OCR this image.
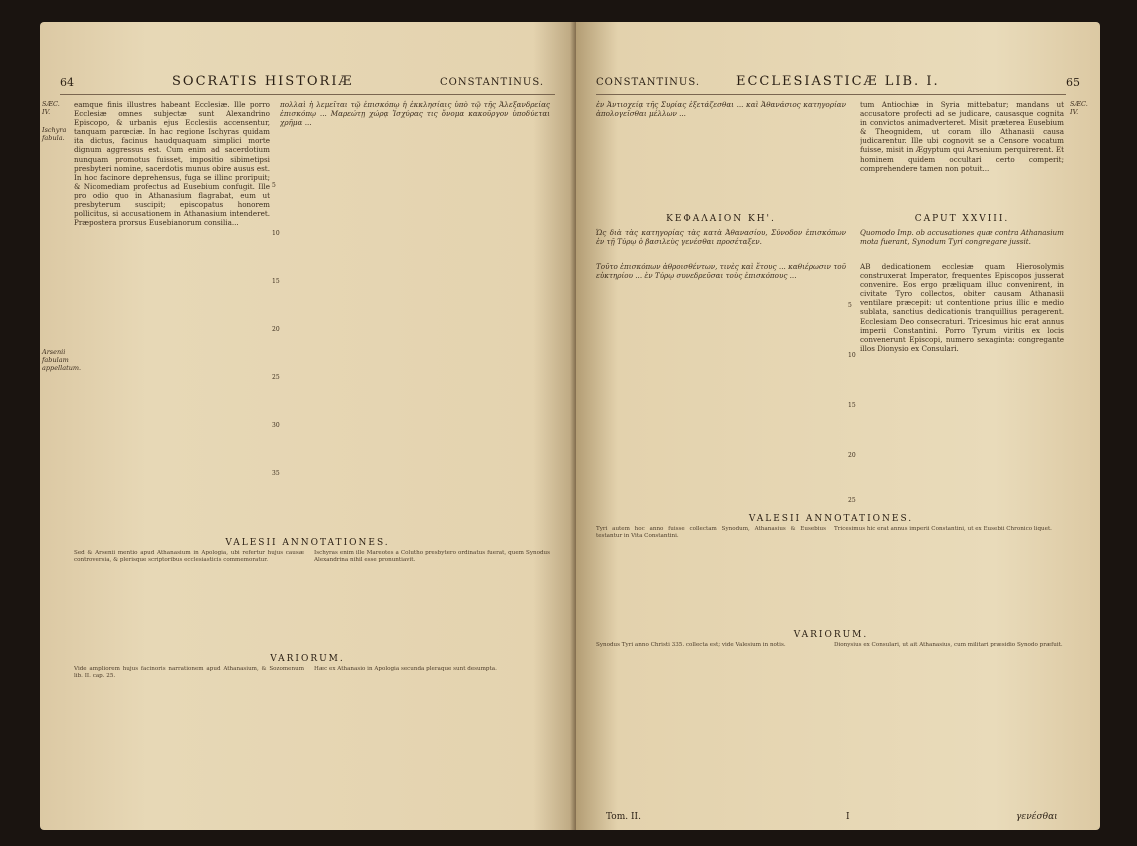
64	SOCRATIS HISTORIÆ	CONSTANTINUS.
SÆC. IV.
Ischyra fabula.
Arsenii fabulam appellatum.
eamque finis illustres habeant Ecclesiæ. Ille porro Ecclesiæ omnes subjectæ sunt Alexandrino Episcopo, & urbanis ejus Ecclesiis accensentur, tanquam parœciæ. In hac regione Ischyras quidam ita dictus, facinus haudquaquam simplici morte dignum aggressus est. Cum enim ad sacerdotium nunquam promotus fuisset, impositio sibimetipsi presbyteri nomine, sacerdotis munus obire ausus est. In hoc facinore deprehensus, fuga se illinc proripuit; & Nicomediam profectus ad Eusebium confugit. Ille pro odio quo in Athanasium flagrabat, eum ut presbyterum suscipit; episcopatus honorem pollicitus, si accusationem in Athanasium intenderet. Præpostera prorsus Eusebianorum consilia...
πολλαὶ ἡ λεμεῖται τῷ ἐπισκόπῳ ἡ ἐκκλησίαις ὑπὸ τῷ τῆς Ἀλεξανδρείας ἐπισκόπῳ ... Μαρεώτῃ χώρᾳ Ἰσχύρας τις ὄνομα κακοῦργον ὑποδύεται χρῆμα ...
5
10
15
20
25
30
35
VALESII ANNOTATIONES.
Sed & Arsenii mentio apud Athanasium in Apologia, ubi refertur hujus causæ controversia, & plerisque scriptoribus ecclesiasticis commemoratur.
Ischyras enim ille Mareotes a Colutho presbytero ordinatus fuerat, quem Synodus Alexandrina nihil esse pronuntiavit.
VARIORUM.
Vide ampliorem hujus facinoris narrationem apud Athanasium, & Sozomenum lib. II. cap. 25.
Hæc ex Athanasio in Apologia secunda pleraque sunt desumpta.
CONSTANTINUS.	ECCLESIASTICÆ LIB. I.	65
SÆC. IV.
ἐν Ἀντιοχείᾳ τῆς Συρίας ἐξετάζεσθαι ... καὶ Ἀθανάσιος κατηγορίαν ἀπολογεῖσθαι μέλλων ...
tum Antiochiæ in Syria mittebatur; mandans ut accusatore profecti ad se judicare, causasque cognita in convictos animadverteret. Misit præterea Eusebium & Theognidem, ut coram illo Athanasii causa judicarentur. Ille ubi cognovit se a Censore vocatum fuisse, misit in Ægyptum qui Arsenium perquirerent. Et hominem quidem occultari certo comperit; comprehendere tamen non potuit...
ΚΕΦΑΛΑΙΟΝ ΚΗ'.	CAPUT XXVIII.
Ὡς διὰ τὰς κατηγορίας τὰς κατὰ Ἀθανασίου, Σύνοδον ἐπισκόπων ἐν τῇ Τύρῳ ὁ βασιλεὺς γενέσθαι προσέταξεν.
Quomodo Imp. ob accusationes quæ contra Athanasium mota fuerant, Synodum Tyri congregare jussit.
Τοῦτο ἐπισκόπων ἀθροισθέντων, τινὲς καὶ ἔτους ... καθιέρωσιν τοῦ εὐκτηρίου ... ἐν Τύρῳ συνεδρεῦσαι τοὺς ἐπισκόπους ...
AB dedicationem ecclesiæ quam Hierosolymis construxerat Imperator, frequentes Episcopos jusserat convenire. Eos ergo præliquam illuc convenirent, in civitate Tyro collectos, obiter causam Athanasii ventilare præcepit: ut contentione prius illic e medio sublata, sanctius dedicationis tranquillius peragerent. Ecclesiam Deo consecraturi. Tricesimus hic erat annus imperii Constantini. Porro Tyrum viritis ex locis convenerunt Episcopi, numero sexaginta: congregante illos Dionysio ex Consulari.
5
10
15
20
25
VALESII ANNOTATIONES.
Tyri autem hoc anno fuisse collectam Synodum, Athanasius & Eusebius testantur in Vita Constantini.
Tricesimus hic erat annus imperii Constantini, ut ex Eusebii Chronico liquet.
VARIORUM.
Synodus Tyri anno Christi 335. collecta est; vide Valesium in notis.	Dionysius ex Consulari, ut ait Athanasius, cum militari præsidio Synodo præfuit.
Tom. II.	I	γενέσθαι
